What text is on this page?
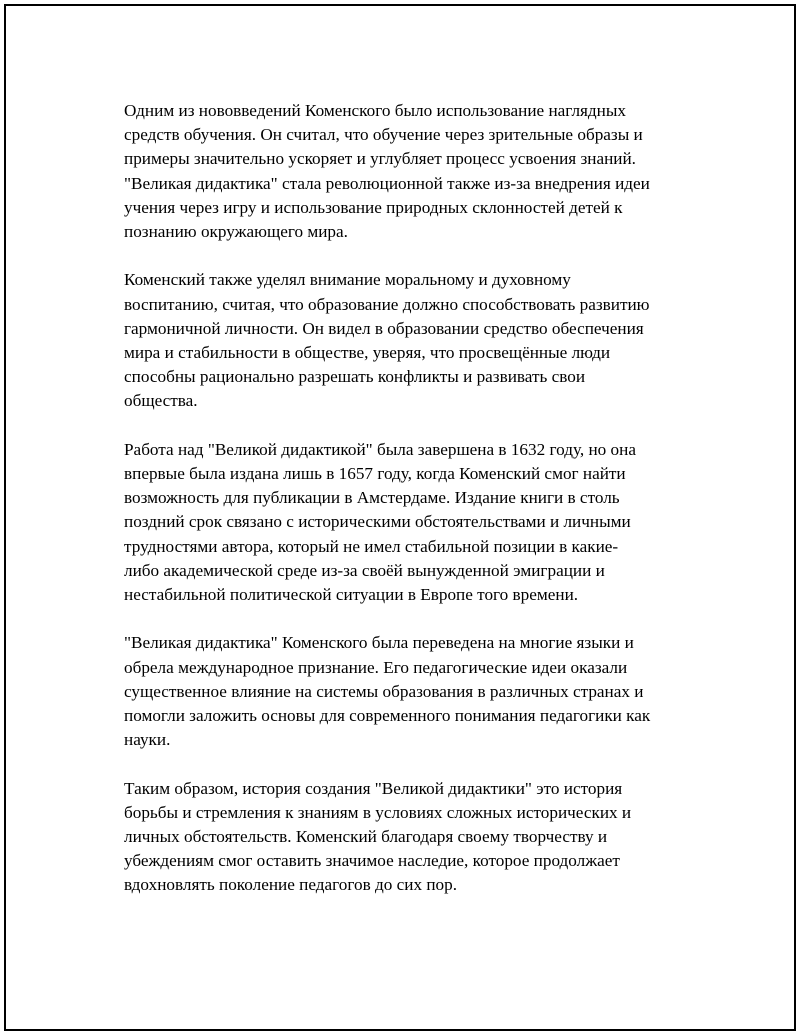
Одним из нововведений Коменского было использование наглядных
средств обучения. Он считал, что обучение через зрительные образы и
примеры значительно ускоряет и углубляет процесс усвоения знаний.
"Великая дидактика" стала революционной также из-за внедрения идеи
учения через игру и использование природных склонностей детей к
познанию окружающего мира.

Коменский также уделял внимание моральному и духовному
воспитанию, считая, что образование должно способствовать развитию
гармоничной личности. Он видел в образовании средство обеспечения
мира и стабильности в обществе, уверяя, что просвещённые люди
способны рационально разрешать конфликты и развивать свои
общества.

Работа над "Великой дидактикой" была завершена в 1632 году, но она
впервые была издана лишь в 1657 году, когда Коменский смог найти
возможность для публикации в Амстердаме. Издание книги в столь
поздний срок связано с историческими обстоятельствами и личными
трудностями автора, который не имел стабильной позиции в какие-
либо академической среде из-за своёй вынужденной эмиграции и
нестабильной политической ситуации в Европе того времени.

"Великая дидактика" Коменского была переведена на многие языки и
обрела международное признание. Его педагогические идеи оказали
существенное влияние на системы образования в различных странах и
помогли заложить основы для современного понимания педагогики как
науки.

Таким образом, история создания "Великой дидактики" это история
борьбы и стремления к знаниям в условиях сложных исторических и
личных обстоятельств. Коменский благодаря своему творчеству и
убеждениям смог оставить значимое наследие, которое продолжает
вдохновлять поколение педагогов до сих пор.
